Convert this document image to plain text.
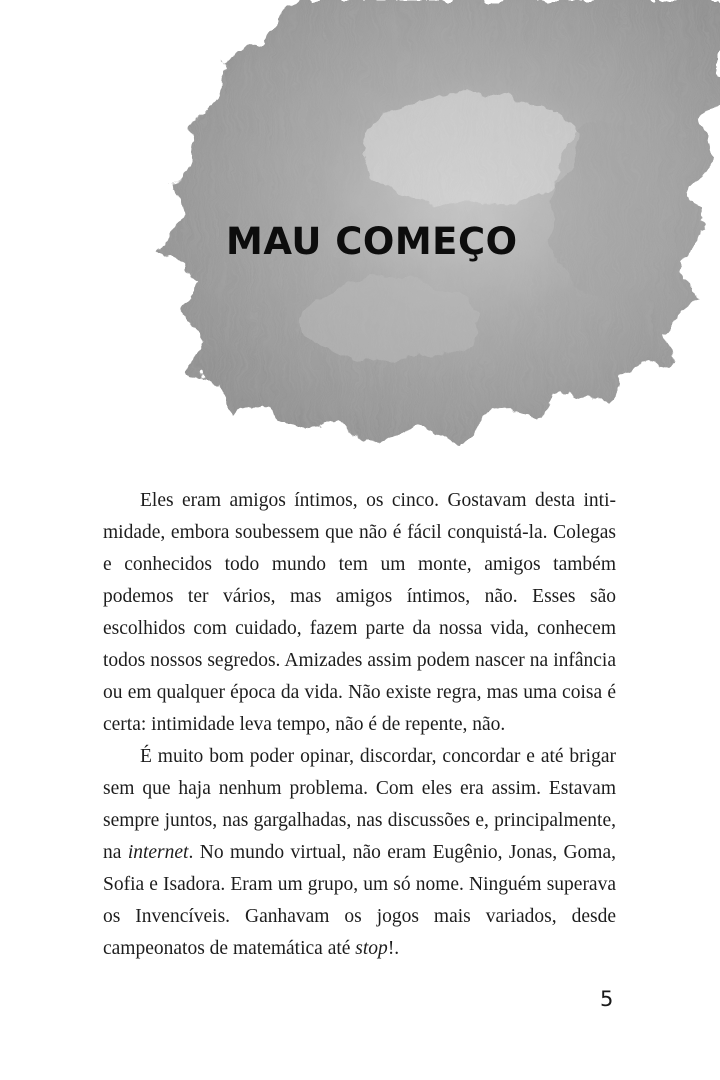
MAU COMEÇO

Eles eram amigos íntimos, os cinco. Gostavam desta intimidade, embora soubessem que não é fácil conquistá-la. Colegas e conhecidos todo mundo tem um monte, amigos também podemos ter vários, mas amigos íntimos, não. Esses são escolhidos com cuidado, fazem parte da nossa vida, conhecem todos nossos segredos. Amizades assim podem nascer na infância ou em qualquer época da vida. Não existe regra, mas uma coisa é certa: intimidade leva tempo, não é de repente, não.

É muito bom poder opinar, discordar, concordar e até brigar sem que haja nenhum problema. Com eles era assim. Estavam sempre juntos, nas gargalhadas, nas discussões e, principalmente, na internet. No mundo virtual, não eram Eugênio, Jonas, Goma, Sofia e Isadora. Eram um grupo, um só nome. Ninguém superava os Invencíveis. Ganhavam os jogos mais variados, desde campeonatos de matemática até stop!.

5
